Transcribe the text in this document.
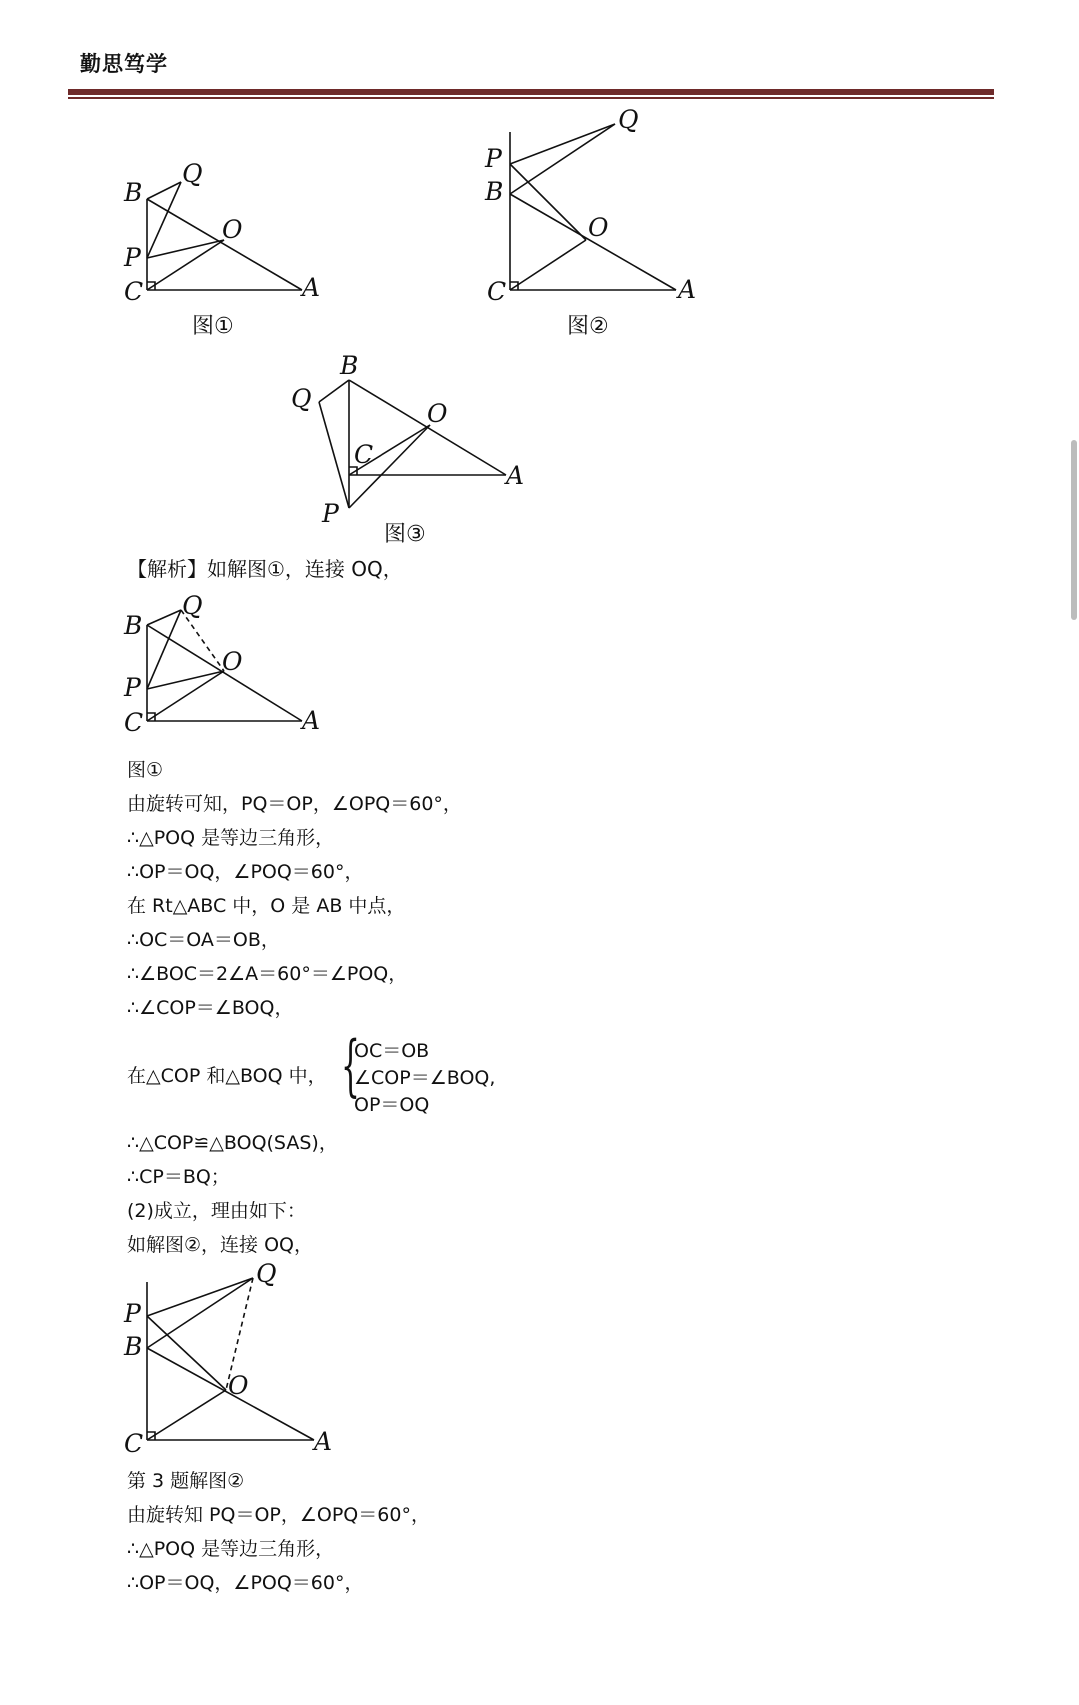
勤思笃学
B
Q
O
P
C	A
图①
Q
P
B
O
C	A
图②
B
Q
O
C
A
P
图③
【解析】如解图①，连接 OQ，
B
Q
O
P
C	A
图①
由旋转可知，PQ＝OP，∠OPQ＝60°，
∴△POQ 是等边三角形，
∴OP＝OQ，∠POQ＝60°，
在 Rt△ABC 中，O 是 AB 中点，
∴OC＝OA＝OB，
∴∠BOC＝2∠A＝60°＝∠POQ，
∴∠COP＝∠BOQ，
在△COP 和△BOQ 中， {
OC＝OB
∠COP＝∠BOQ,
OP＝OQ
∴△COP≌△BOQ(SAS)，
∴CP＝BQ；
(2)成立，理由如下：
如解图②，连接 OQ，
Q
P
B
O
C	A
第 3 题解图②
由旋转知 PQ＝OP，∠OPQ＝60°，
∴△POQ 是等边三角形，
∴OP＝OQ，∠POQ＝60°，
